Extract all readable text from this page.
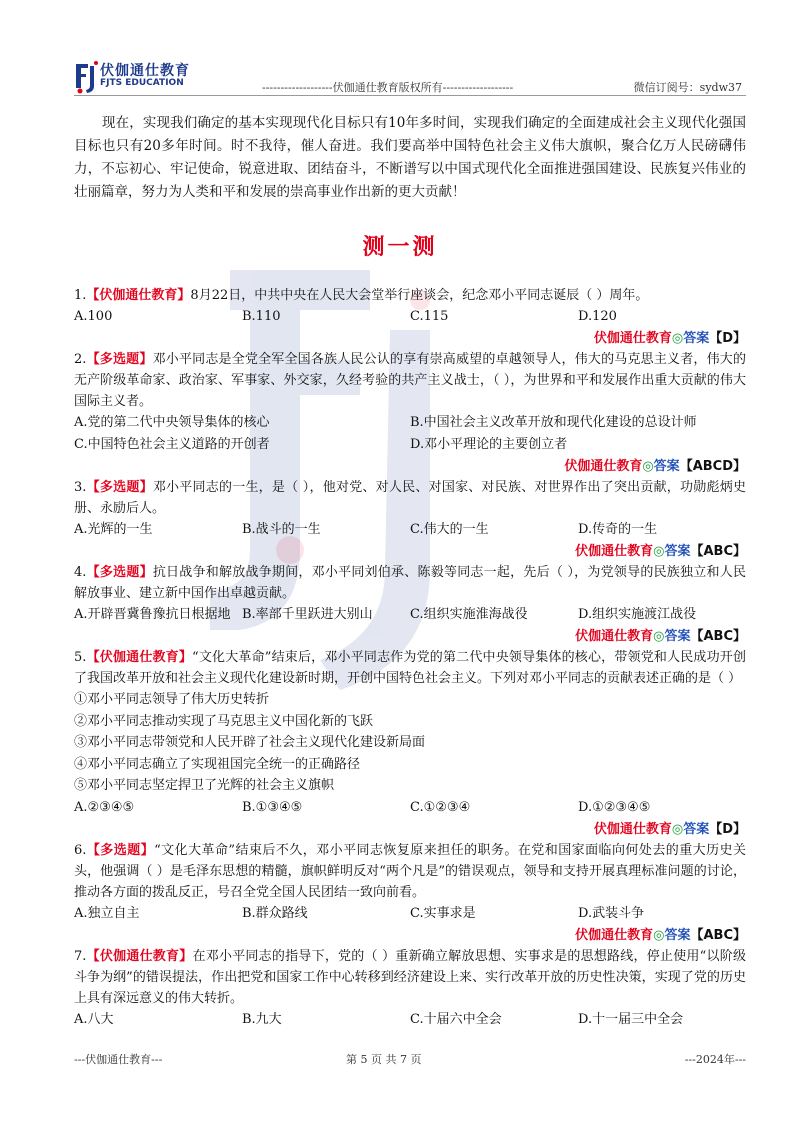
伏伽通仕教育
FJTS EDUCATION	-------------------伏伽通仕教育版权所有-------------------	微信订阅号：sydw37

现在，实现我们确定的基本实现现代化目标只有10年多时间，实现我们确定的全面建成社会主义现代化强国目标也只有20多年时间。时不我待，催人奋进。我们要高举中国特色社会主义伟大旗帜，聚合亿万人民磅礴伟力，不忘初心、牢记使命，锐意进取、团结奋斗，不断谱写以中国式现代化全面推进强国建设、民族复兴伟业的壮丽篇章，努力为人类和平和发展的崇高事业作出新的更大贡献！

测一测
1.【伏伽通仕教育】8月22日，中共中央在人民大会堂举行座谈会，纪念邓小平同志诞辰（ ）周年。
A.100	B.110	C.115	D.120
伏伽通仕教育◎答案【D】
2.【多选题】邓小平同志是全党全军全国各族人民公认的享有崇高威望的卓越领导人，伟大的马克思主义者，伟大的无产阶级革命家、政治家、军事家、外交家，久经考验的共产主义战士，（ ），为世界和平和发展作出重大贡献的伟大国际主义者。
A.党的第二代中央领导集体的核心	B.中国社会主义改革开放和现代化建设的总设计师
C.中国特色社会主义道路的开创者	D.邓小平理论的主要创立者
伏伽通仕教育◎答案【ABCD】
3.【多选题】邓小平同志的一生，是（ ），他对党、对人民、对国家、对民族、对世界作出了突出贡献，功勋彪炳史册、永励后人。
A.光辉的一生	B.战斗的一生	C.伟大的一生	D.传奇的一生
伏伽通仕教育◎答案【ABC】
4.【多选题】抗日战争和解放战争期间，邓小平同刘伯承、陈毅等同志一起，先后（ ），为党领导的民族独立和人民解放事业、建立新中国作出卓越贡献。
A.开辟晋冀鲁豫抗日根据地 B.率部千里跃进大别山	C.组织实施淮海战役	D.组织实施渡江战役
伏伽通仕教育◎答案【ABC】
5.【伏伽通仕教育】“文化大革命”结束后，邓小平同志作为党的第二代中央领导集体的核心，带领党和人民成功开创了我国改革开放和社会主义现代化建设新时期，开创中国特色社会主义。下列对邓小平同志的贡献表述正确的是（ ）
①邓小平同志领导了伟大历史转折
②邓小平同志推动实现了马克思主义中国化新的飞跃
③邓小平同志带领党和人民开辟了社会主义现代化建设新局面
④邓小平同志确立了实现祖国完全统一的正确路径
⑤邓小平同志坚定捍卫了光辉的社会主义旗帜
A.②③④⑤	B.①③④⑤	C.①②③④	D.①②③④⑤
伏伽通仕教育◎答案【D】
6.【多选题】“文化大革命”结束后不久，邓小平同志恢复原来担任的职务。在党和国家面临向何处去的重大历史关头，他强调（ ）是毛泽东思想的精髓，旗帜鲜明反对“两个凡是”的错误观点，领导和支持开展真理标准问题的讨论，推动各方面的拨乱反正，号召全党全国人民团结一致向前看。
A.独立自主	B.群众路线	C.实事求是	D.武装斗争
伏伽通仕教育◎答案【ABC】
7.【伏伽通仕教育】在邓小平同志的指导下，党的（ ）重新确立解放思想、实事求是的思想路线，停止使用“以阶级斗争为纲”的错误提法，作出把党和国家工作中心转移到经济建设上来、实行改革开放的历史性决策，实现了党的历史上具有深远意义的伟大转折。
A.八大	B.九大	C.十届六中全会	D.十一届三中全会
---伏伽通仕教育---	第 5 页 共 7 页	---2024年---
